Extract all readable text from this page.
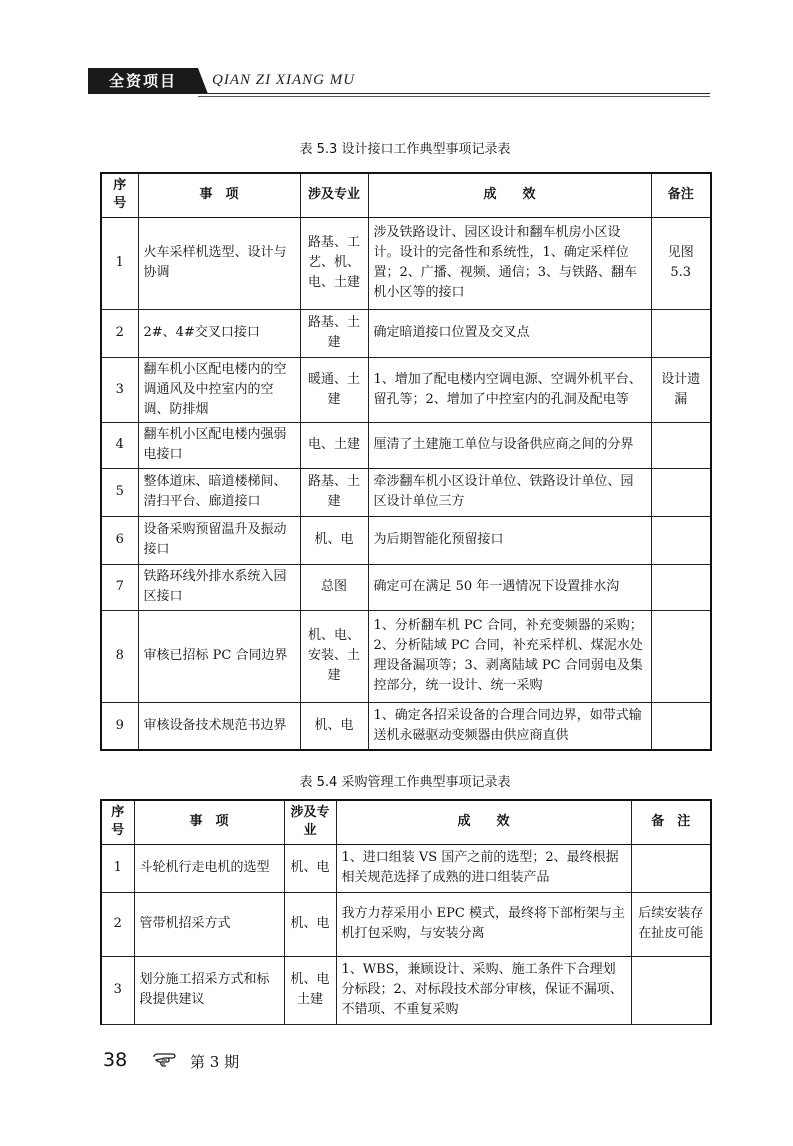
全资项目	QIAN ZI XIANG MU
表 5.3 设计接口工作典型事项记录表
序号	事　项	涉及专业	成　　效	备注
1	火车采样机选型、设计与协调	路基、工艺、机、电、土建	涉及铁路设计、园区设计和翻车机房小区设计。设计的完备性和系统性，1、确定采样位置；2、广播、视频、通信；3、与铁路、翻车机小区等的接口	见图 5.3
2	2#、4#交叉口接口	路基、土建	确定暗道接口位置及交叉点	
3	翻车机小区配电楼内的空调通风及中控室内的空调、防排烟	暖通、土建	1、增加了配电楼内空调电源、空调外机平台、留孔等；2、增加了中控室内的孔洞及配电等	设计遗漏
4	翻车机小区配电楼内强弱电接口	电、土建	厘清了土建施工单位与设备供应商之间的分界	
5	整体道床、暗道楼梯间、清扫平台、廊道接口	路基、土建	牵涉翻车机小区设计单位、铁路设计单位、园区设计单位三方	
6	设备采购预留温升及振动接口	机、电	为后期智能化预留接口	
7	铁路环线外排水系统入园区接口	总图	确定可在满足 50 年一遇情况下设置排水沟	
8	审核已招标 PC 合同边界	机、电、安装、土建	1、分析翻车机 PC 合同，补充变频器的采购；2、分析陆域 PC 合同，补充采样机、煤泥水处理设备漏项等；3、剥离陆域 PC 合同弱电及集控部分，统一设计、统一采购	
9	审核设备技术规范书边界	机、电	1、确定各招采设备的合理合同边界，如带式输送机永磁驱动变频器由供应商直供	
表 5.4 采购管理工作典型事项记录表
序号	事　项	涉及专业	成　　效	备　注
1	斗轮机行走电机的选型	机、电	1、进口组装 VS 国产之前的选型；2、最终根据相关规范选择了成熟的进口组装产品	
2	管带机招采方式	机、电	我方力荐采用小 EPC 模式，最终将下部桁架与主机打包采购，与安装分离	后续安装存在扯皮可能
3	划分施工招采方式和标段提供建议	机、电土建	1、WBS，兼顾设计、采购、施工条件下合理划分标段；2、对标段技术部分审核，保证不漏项、不错项、不重复采购	
38	第 3 期
